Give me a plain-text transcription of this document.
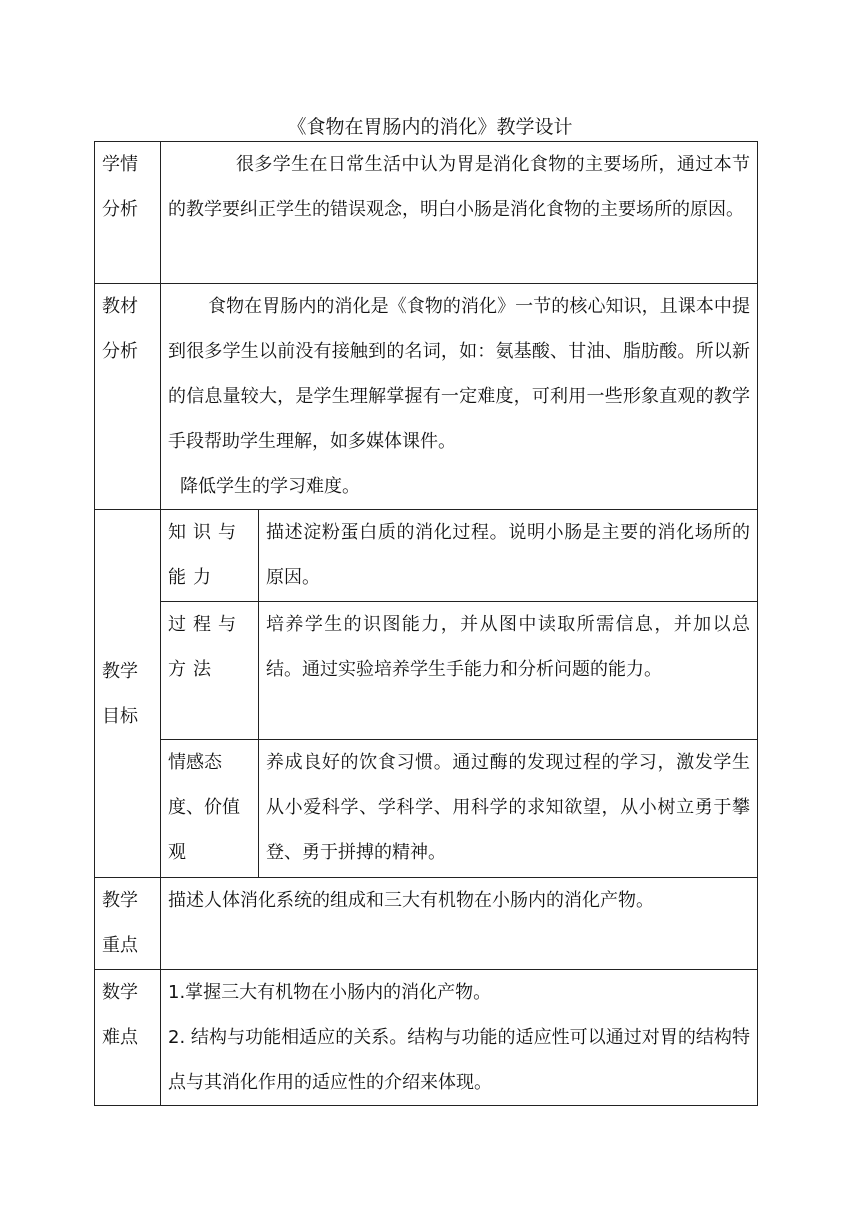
《食物在胃肠内的消化》教学设计
学情分析	很多学生在日常生活中认为胃是消化食物的主要场所，通过本节的教学要纠正学生的错误观念，明白小肠是消化食物的主要场所的原因。	

教材分析	食物在胃肠内的消化是《食物的消化》一节的核心知识，且课本中提到很多学生以前没有接触到的名词，如：氨基酸、甘油、脂肪酸。所以新的信息量较大，是学生理解掌握有一定难度，可利用一些形象直观的教学手段帮助学生理解，如多媒体课件。

降低学生的学习难度。	

教学目标	知识与能力	描述淀粉蛋白质的消化过程。说明小肠是主要的消化场所的原因。
	过程与方法	培养学生的识图能力，并从图中读取所需信息，并加以总结。通过实验培养学生手能力和分析问题的能力。
	情感态度、价值观	养成良好的饮食习惯。通过酶的发现过程的学习，激发学生从小爱科学、学科学、用科学的求知欲望，从小树立勇于攀登、勇于拼搏的精神。
教学重点	描述人体消化系统的组成和三大有机物在小肠内的消化产物。	
数学难点	1.掌握三大有机物在小肠内的消化产物。

2. 结构与功能相适应的关系。结构与功能的适应性可以通过对胃的结构特点与其消化作用的适应性的介绍来体现。	
